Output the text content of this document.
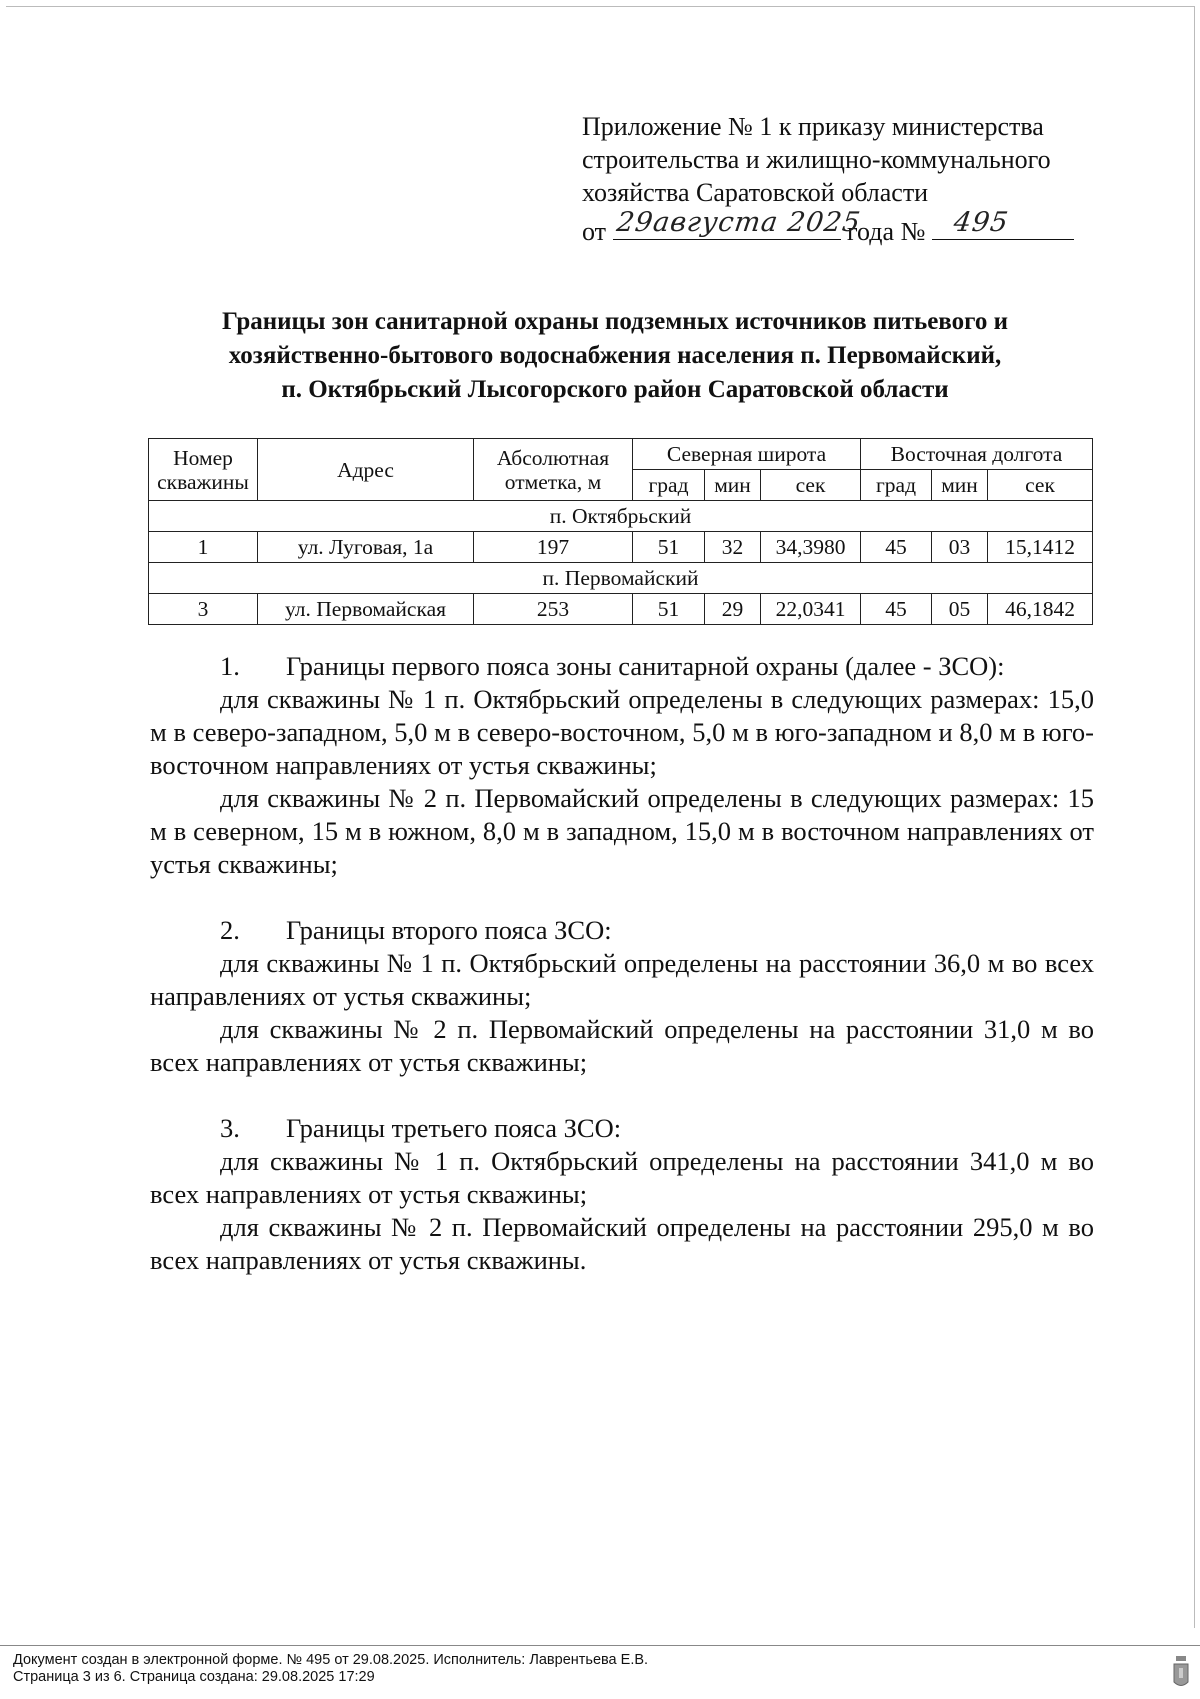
Приложение № 1 к приказу министерства
строительства и жилищно-коммунального
хозяйства Саратовской области
от 29августа 2025
года № 495
Границы зон санитарной охраны подземных источников питьевого и
хозяйственно-бытового водоснабжения населения п. Первомайский,
п. Октябрьский Лысогорского район Саратовской области
Номер скважины	Адрес	Абсолютная отметка, м	Северная широта			Восточная долгота		
			град	мин	сек	град	мин	сек
п. Октябрьский								
1	ул. Луговая, 1а	197	51	32	34,3980	45	03	15,1412
п. Первомайский								
3	ул. Первомайская	253	51	29	22,0341	45	05	46,1842
1. Границы первого пояса зоны санитарной охраны (далее - ЗСО):
для скважины № 1 п. Октябрьский определены в следующих размерах: 15,0 м в северо-западном, 5,0 м в северо-восточном, 5,0 м в юго-западном и 8,0 м в юго-восточном направлениях от устья скважины;
для скважины № 2 п. Первомайский определены в следующих размерах: 15 м в северном, 15 м в южном, 8,0 м в западном, 15,0 м в восточном направлениях от устья скважины;
2. Границы второго пояса ЗСО:
для скважины № 1 п. Октябрьский определены на расстоянии 36,0 м во всех направлениях от устья скважины;
для скважины № 2 п. Первомайский определены на расстоянии 31,0 м во всех направлениях от устья скважины;
3. Границы третьего пояса ЗСО:
для скважины № 1 п. Октябрьский определены на расстоянии 341,0 м во всех направлениях от устья скважины;
для скважины № 2 п. Первомайский определены на расстоянии 295,0 м во всех направлениях от устья скважины.
Документ создан в электронной форме. № 495 от 29.08.2025. Исполнитель: Лаврентьева Е.В.
Страница 3 из 6. Страница создана: 29.08.2025 17:29
